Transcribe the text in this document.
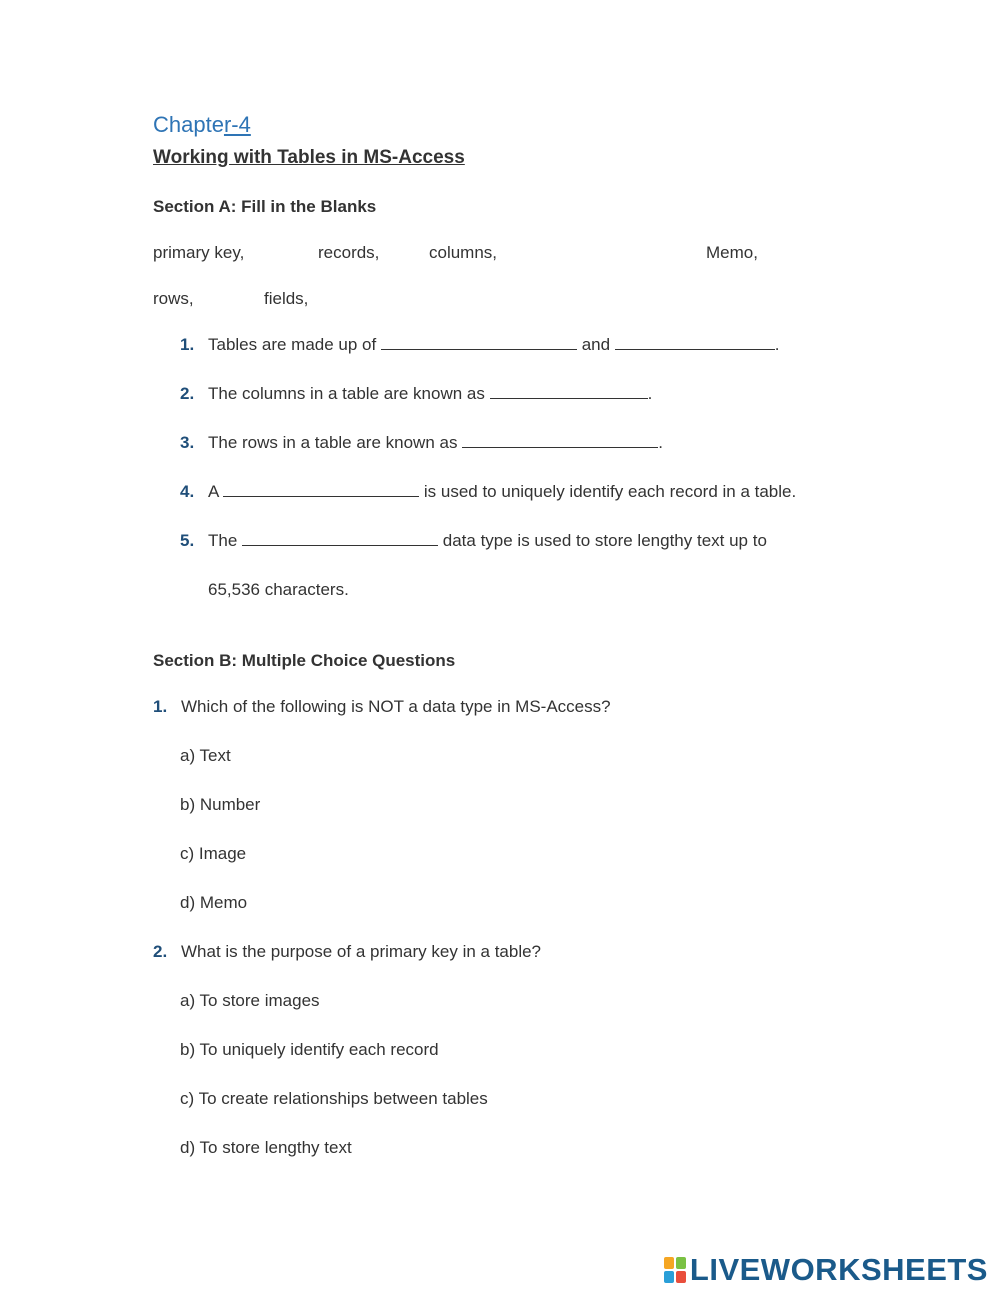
Chapter-4
Working with Tables in MS-Access
Section A: Fill in the Blanks
primary key,	records,	columns,	Memo,
rows,	fields,
1. Tables are made up of	and	.
2. The columns in a table are known as	.
3. The rows in a table are known as	.
4. A	is used to uniquely identify each record in a table.
5. The	data type is used to store lengthy text up to
65,536 characters.
Section B: Multiple Choice Questions
1. Which of the following is NOT a data type in MS-Access?
a) Text
b) Number
c) Image
d) Memo
2. What is the purpose of a primary key in a table?
a) To store images
b) To uniquely identify each record
c) To create relationships between tables
d) To store lengthy text
LIVEWORKSHEETS
